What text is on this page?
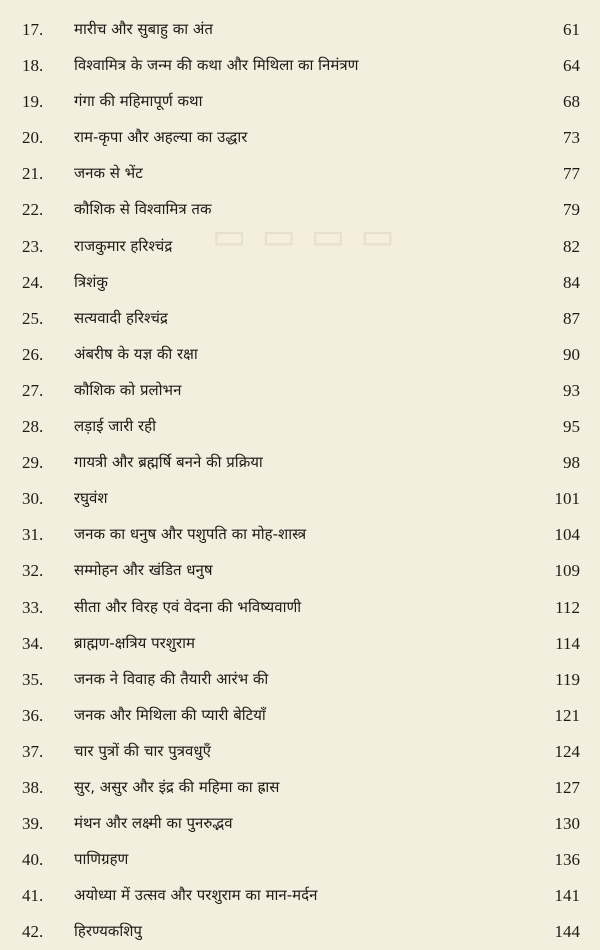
▭ ▭ ▭ ▭
17. मारीच और सुबाहु का अंत	61
18. विश्वामित्र के जन्म की कथा और मिथिला का निमंत्रण	64
19. गंगा की महिमापूर्ण कथा	68
20. राम-कृपा और अहल्या का उद्धार	73
21. जनक से भेंट	77
22. कौशिक से विश्वामित्र तक	79
23. राजकुमार हरिश्चंद्र	82
24. त्रिशंकु	84
25. सत्यवादी हरिश्चंद्र	87
26. अंबरीष के यज्ञ की रक्षा	90
27. कौशिक को प्रलोभन	93
28. लड़ाई जारी रही	95
29. गायत्री और ब्रह्मर्षि बनने की प्रक्रिया	98
30. रघुवंश	101
31. जनक का धनुष और पशुपति का मोह-शास्त्र	104
32. सम्मोहन और खंडित धनुष	109
33. सीता और विरह एवं वेदना की भविष्यवाणी	112
34. ब्राह्मण-क्षत्रिय परशुराम	114
35. जनक ने विवाह की तैयारी आरंभ की	119
36. जनक और मिथिला की प्यारी बेटियाँ	121
37. चार पुत्रों की चार पुत्रवधुएँ	124
38. सुर, असुर और इंद्र की महिमा का ह्रास	127
39. मंथन और लक्ष्मी का पुनरुद्भव	130
40. पाणिग्रहण	136
41. अयोध्या में उत्सव और परशुराम का मान-मर्दन	141
42. हिरण्यकशिपु	144
